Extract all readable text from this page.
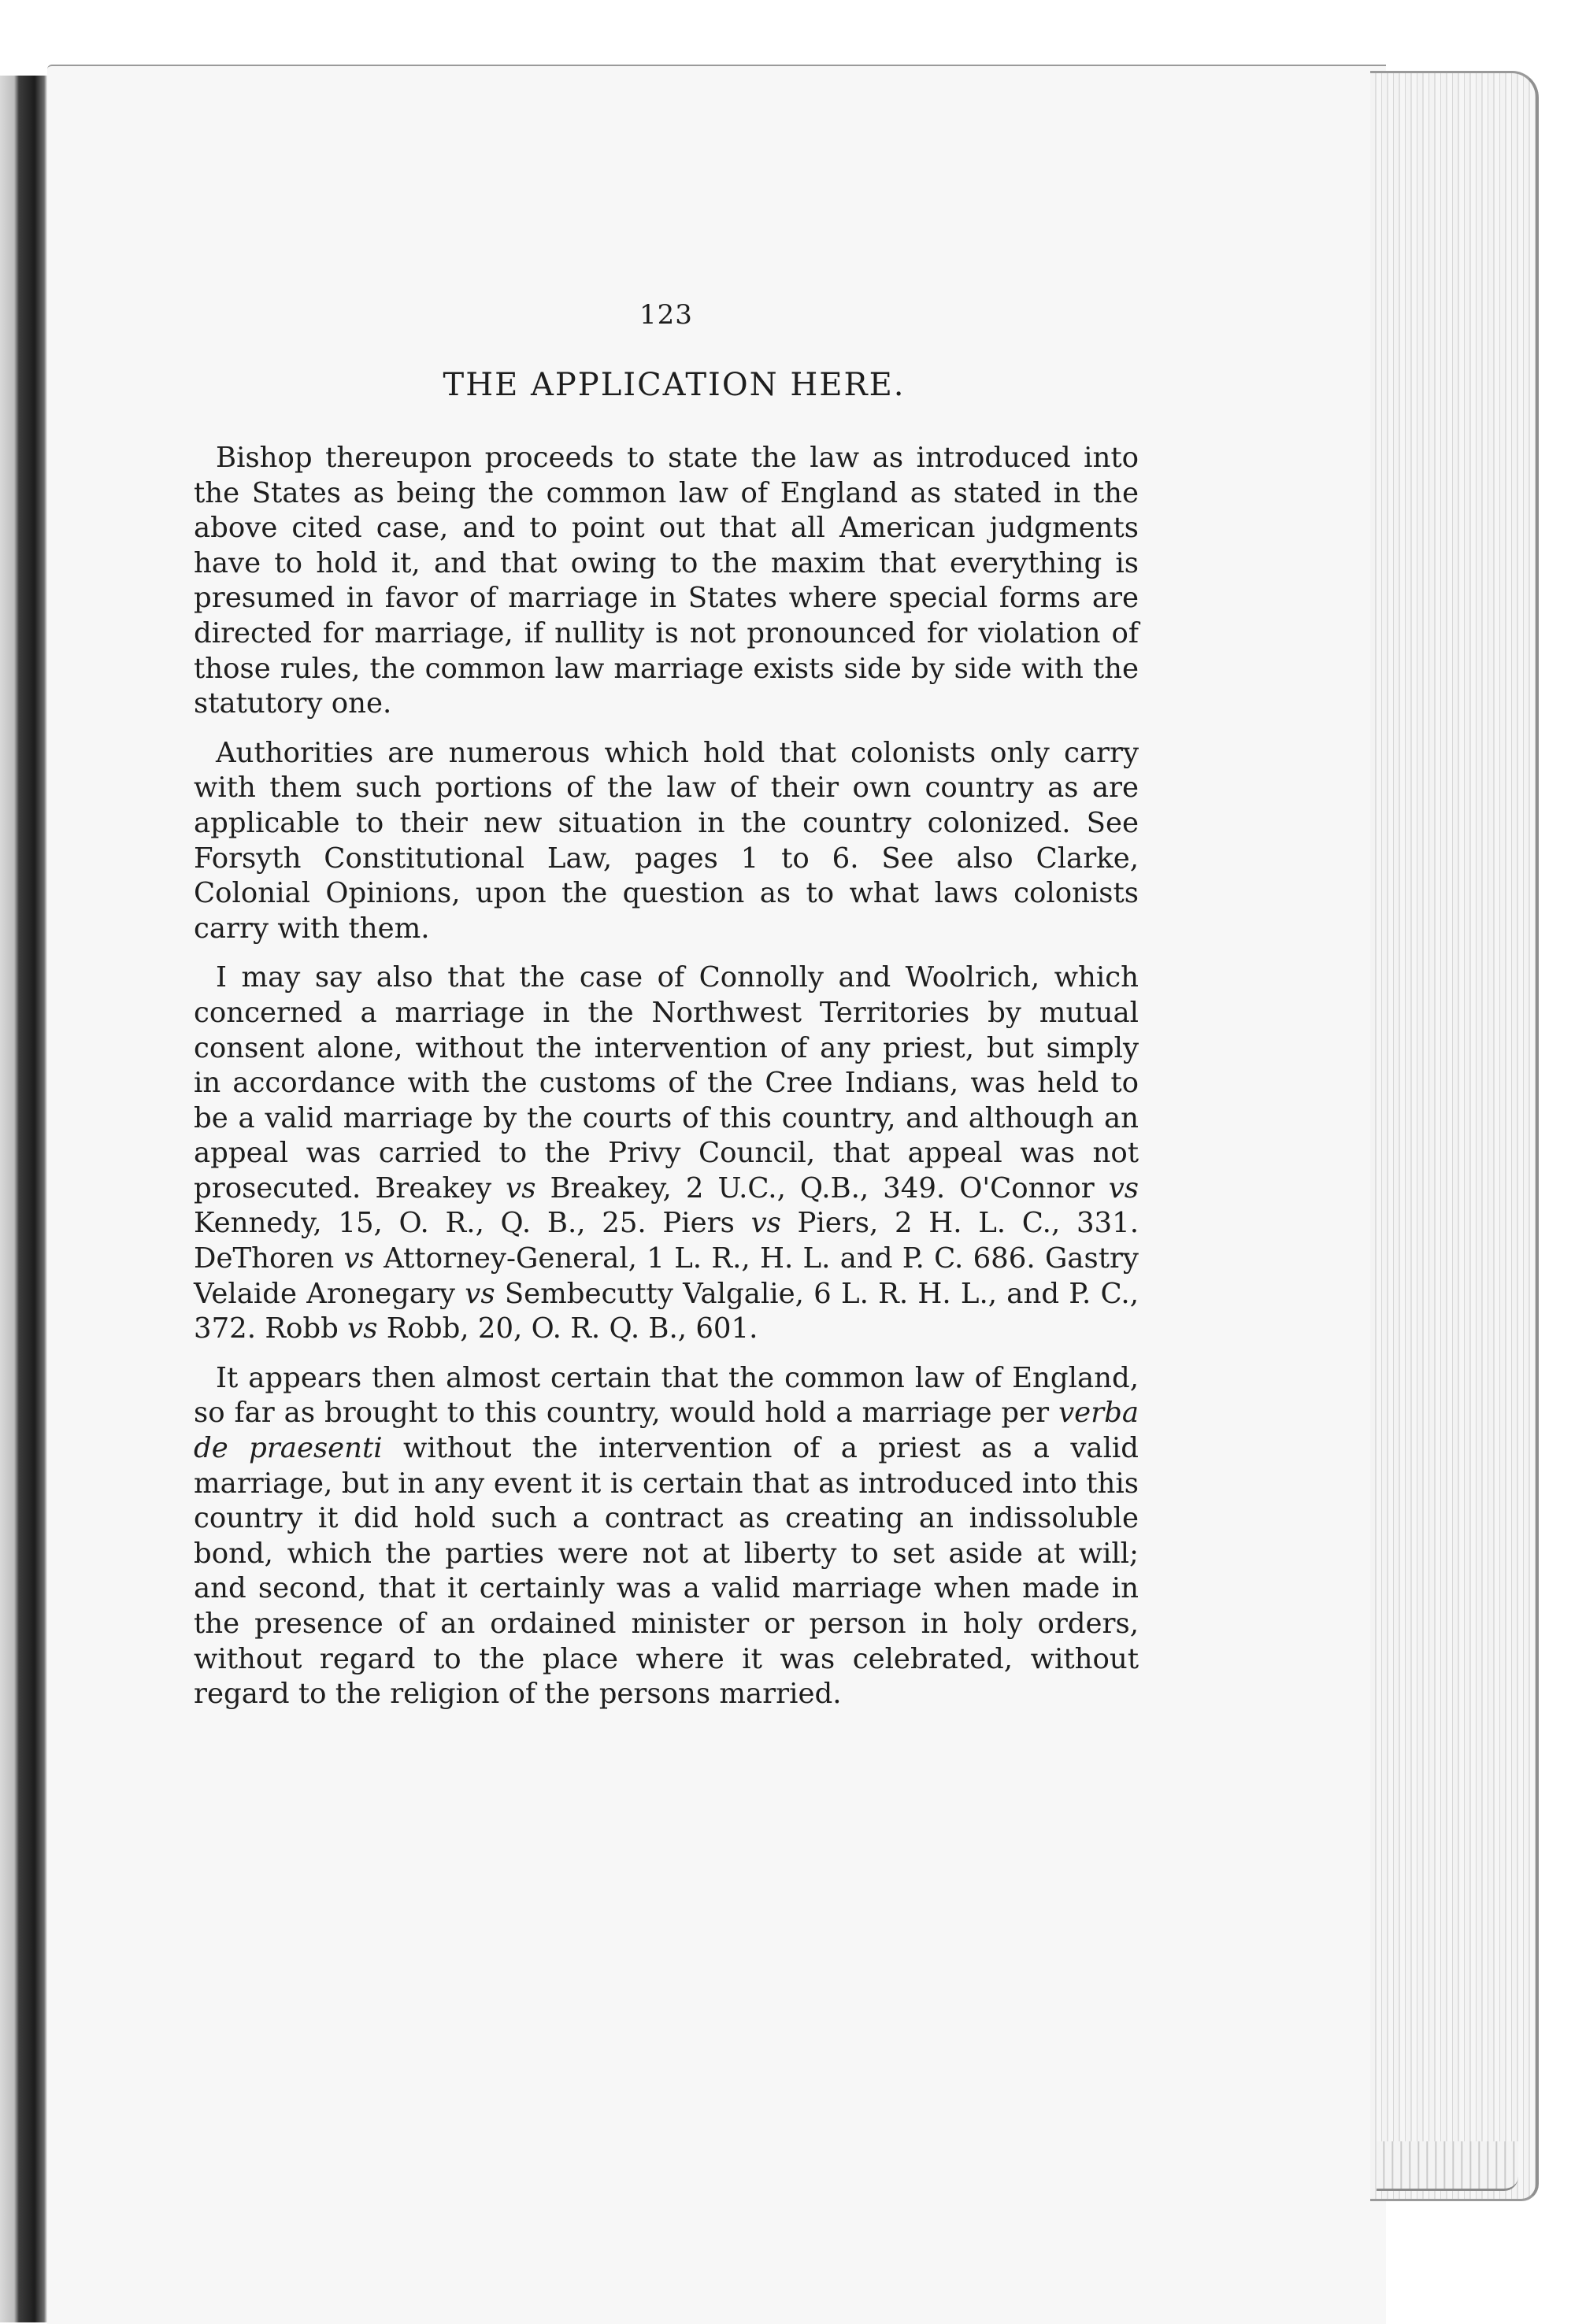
123
THE APPLICATION HERE.

Bishop thereupon proceeds to state the law as introduced into the States as being the common law of England as stated in the above cited case, and to point out that all American judgments have to hold it, and that owing to the maxim that everything is presumed in favor of marriage in States where special forms are directed for marriage, if nullity is not pronounced for violation of those rules, the common law marriage exists side by side with the statutory one.

Authorities are numerous which hold that colonists only carry with them such portions of the law of their own country as are applicable to their new situation in the country colonized. See Forsyth Constitutional Law, pages 1 to 6. See also Clarke, Colonial Opinions, upon the question as to what laws colonists carry with them.

I may say also that the case of Connolly and Woolrich, which concerned a marriage in the Northwest Territories by mutual consent alone, without the intervention of any priest, but simply in accordance with the customs of the Cree Indians, was held to be a valid marriage by the courts of this country, and although an appeal was carried to the Privy Council, that appeal was not prosecuted. Breakey vs Breakey, 2 U.C., Q.B., 349. O'Connor vs Kennedy, 15, O. R., Q. B., 25. Piers vs Piers, 2 H. L. C., 331. DeThoren vs Attorney-General, 1 L. R., H. L. and P. C. 686. Gastry Velaide Aronegary vs Sembecutty Valgalie, 6 L. R. H. L., and P. C., 372. Robb vs Robb, 20, O. R. Q. B., 601.

It appears then almost certain that the common law of England, so far as brought to this country, would hold a marriage per verba de praesenti without the intervention of a priest as a valid marriage, but in any event it is certain that as introduced into this country it did hold such a contract as creating an indissoluble bond, which the parties were not at liberty to set aside at will; and second, that it certainly was a valid marriage when made in the presence of an ordained minister or person in holy orders, without regard to the place where it was celebrated, without regard to the religion of the persons married.
